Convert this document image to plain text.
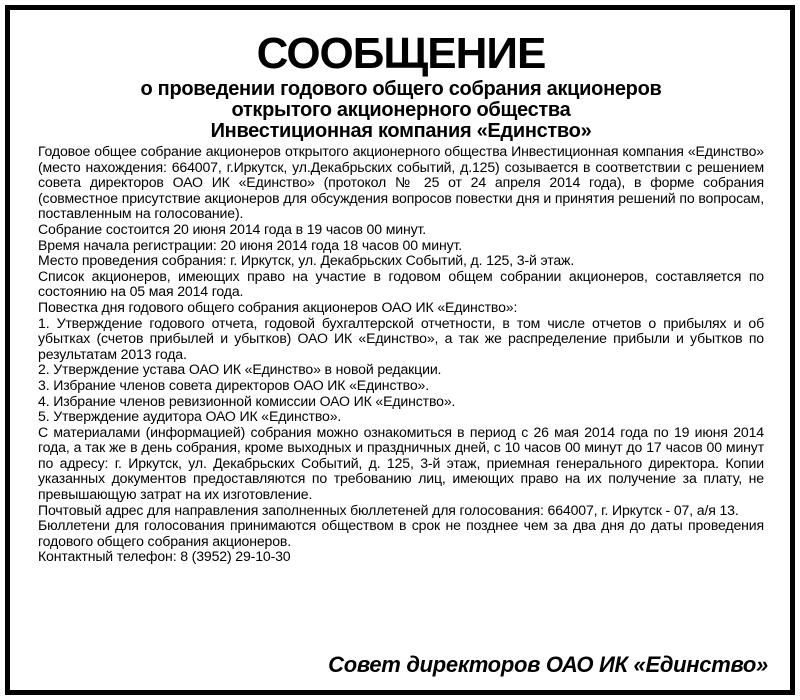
СООБЩЕНИЕ
о проведении годового общего собрания акционеров
открытого акционерного общества
Инвестиционная компания «Единство»

Годовое общее собрание акционеров открытого акционерного общества Инвестиционная компания «Единство» (место нахождения: 664007, г.Иркутск, ул.Декабрьских событий, д.125) созывается в соответствии с решением совета директоров ОАО ИК «Единство» (протокол № 25 от 24 апреля 2014 года), в форме собрания (совместное присутствие акционеров для обсуждения вопросов повестки дня и принятия решений по вопросам, поставленным на голосование).

Собрание состоится 20 июня 2014 года в 19 часов 00 минут.

Время начала регистрации: 20 июня 2014 года 18 часов 00 минут.

Место проведения собрания: г. Иркутск, ул. Декабрьских Событий, д. 125, 3-й этаж.

Список акционеров, имеющих право на участие в годовом общем собрании акционеров, составляется по состоянию на 05 мая 2014 года.

Повестка дня годового общего собрания акционеров ОАО ИК «Единство»:

1. Утверждение годового отчета, годовой бухгалтерской отчетности, в том числе отчетов о прибылях и об убытках (счетов прибылей и убытков) ОАО ИК «Единство», а так же распределение прибыли и убытков по результатам 2013 года.

2. Утверждение устава ОАО ИК «Единство» в новой редакции.

3. Избрание членов совета директоров ОАО ИК «Единство».

4. Избрание членов ревизионной комиссии ОАО ИК «Единство».

5. Утверждение аудитора ОАО ИК «Единство».

С материалами (информацией) собрания можно ознакомиться в период с 26 мая 2014 года по 19 июня 2014 года, а так же в день собрания, кроме выходных и праздничных дней, с 10 часов 00 минут до 17 часов 00 минут по адресу: г. Иркутск, ул. Декабрьских Событий, д. 125, 3-й этаж, приемная генерального директора. Копии указанных документов предоставляются по требованию лиц, имеющих право на их получение за плату, не превышающую затрат на их изготовление.

Почтовый адрес для направления заполненных бюллетеней для голосования: 664007, г. Иркутск - 07, а/я 13.

Бюллетени для голосования принимаются обществом в срок не позднее чем за два дня до даты проведения годового общего собрания акционеров.

Контактный телефон: 8 (3952) 29-10-30

Совет директоров ОАО ИК «Единство»
